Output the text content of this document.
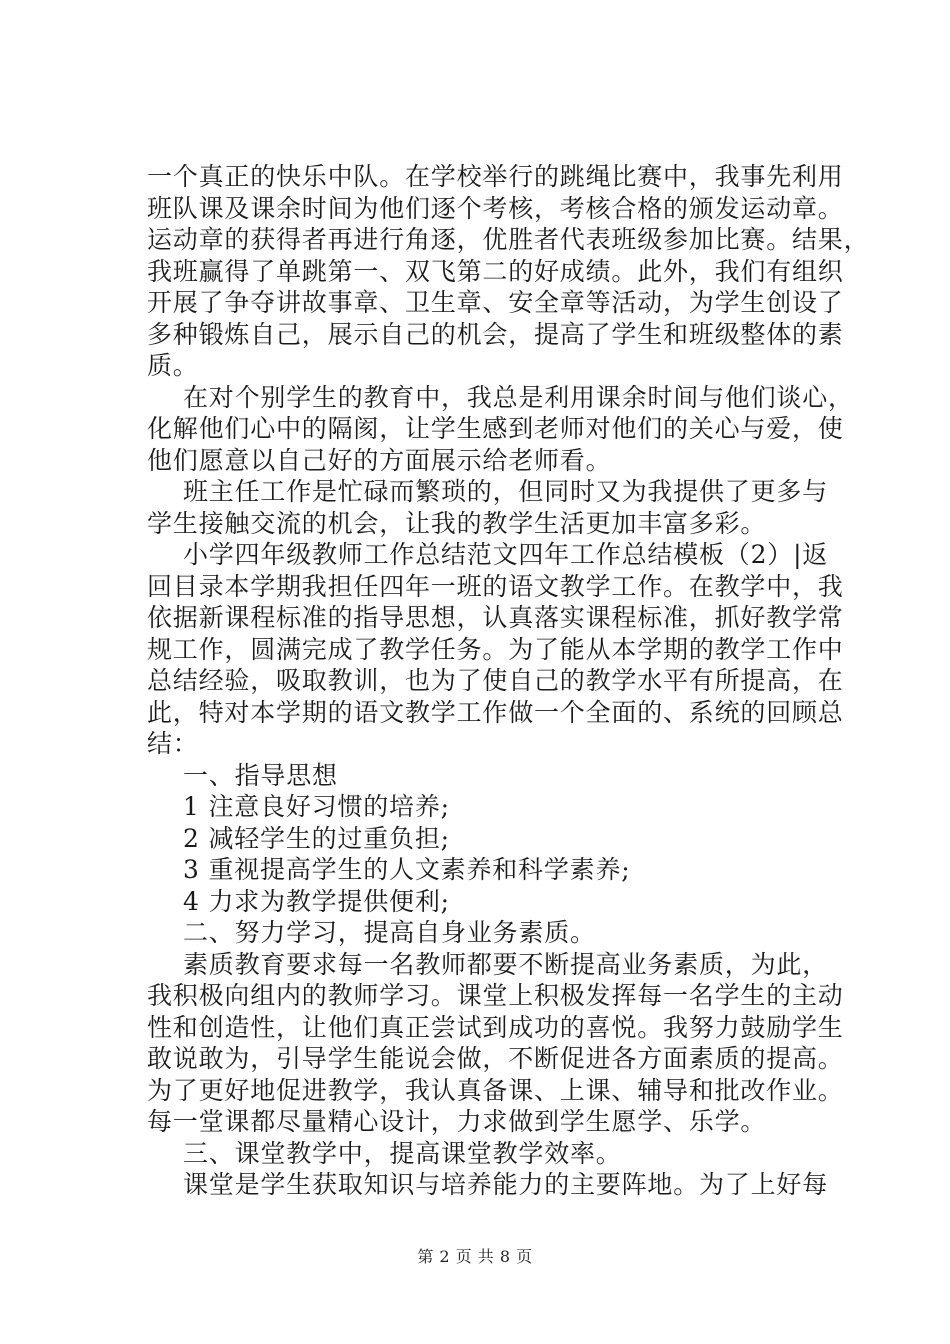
一个真正的快乐中队。在学校举行的跳绳比赛中，我事先利用
班队课及课余时间为他们逐个考核，考核合格的颁发运动章。
运动章的获得者再进行角逐，优胜者代表班级参加比赛。结果，
我班赢得了单跳第一、双飞第二的好成绩。此外，我们有组织
开展了争夺讲故事章、卫生章、安全章等活动，为学生创设了
多种锻炼自己，展示自己的机会，提高了学生和班级整体的素
质。
在对个别学生的教育中，我总是利用课余时间与他们谈心，
化解他们心中的隔阂，让学生感到老师对他们的关心与爱，使
他们愿意以自己好的方面展示给老师看。
班主任工作是忙碌而繁琐的，但同时又为我提供了更多与
学生接触交流的机会，让我的教学生活更加丰富多彩。
小学四年级教师工作总结范文四年工作总结模板（2）|返
回目录本学期我担任四年一班的语文教学工作。在教学中，我
依据新课程标准的指导思想，认真落实课程标准，抓好教学常
规工作，圆满完成了教学任务。为了能从本学期的教学工作中
总结经验，吸取教训，也为了使自己的教学水平有所提高，在
此，特对本学期的语文教学工作做一个全面的、系统的回顾总
结：
一、指导思想
1 注意良好习惯的培养;
2 减轻学生的过重负担;
3 重视提高学生的人文素养和科学素养;
4 力求为教学提供便利;
二、努力学习，提高自身业务素质。
素质教育要求每一名教师都要不断提高业务素质，为此，
我积极向组内的教师学习。课堂上积极发挥每一名学生的主动
性和创造性，让他们真正尝试到成功的喜悦。我努力鼓励学生
敢说敢为，引导学生能说会做，不断促进各方面素质的提高。
为了更好地促进教学，我认真备课、上课、辅导和批改作业。
每一堂课都尽量精心设计，力求做到学生愿学、乐学。
三、课堂教学中，提高课堂教学效率。
课堂是学生获取知识与培养能力的主要阵地。为了上好每
第 2 页 共 8 页
